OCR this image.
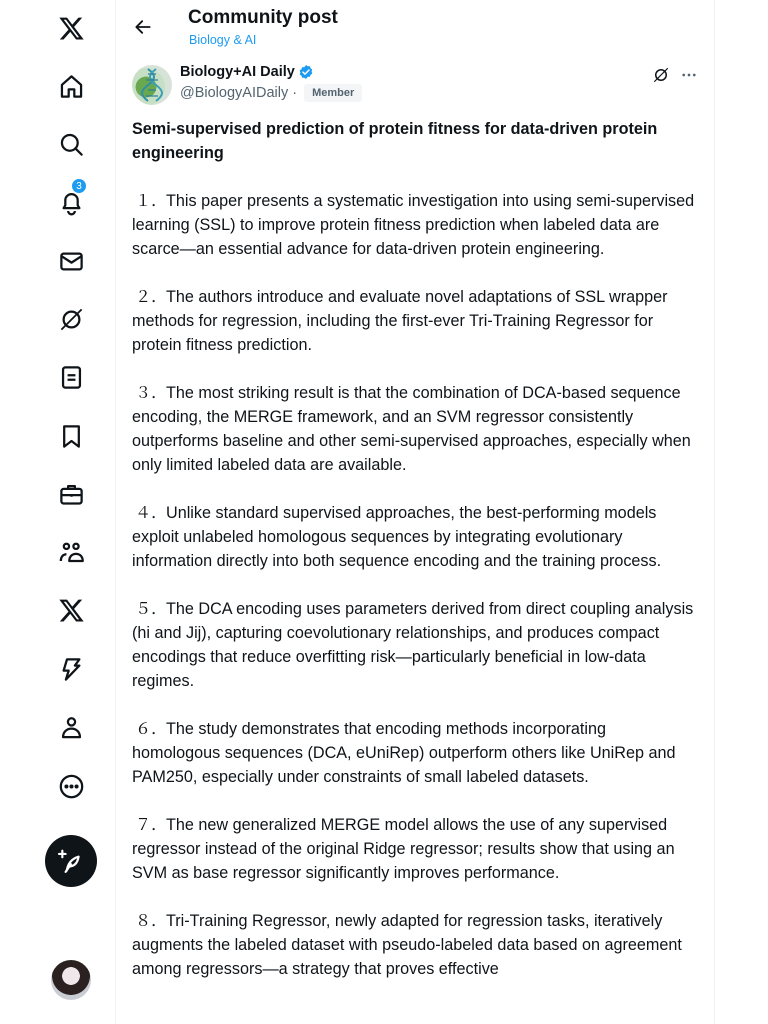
3
Community post
Biology & AI
Biology+AI Daily
@BiologyAIDaily ·	Member
Semi-supervised prediction of protein fitness for data-driven protein engineering
１．This paper presents a systematic investigation into using semi-supervised learning (SSL) to improve protein fitness prediction when labeled data are scarce—an essential advance for data-driven protein engineering.
２．The authors introduce and evaluate novel adaptations of SSL wrapper methods for regression, including the first-ever Tri-Training Regressor for protein fitness prediction.
３．The most striking result is that the combination of DCA-based sequence encoding, the MERGE framework, and an SVM regressor consistently outperforms baseline and other semi-supervised approaches, especially when only limited labeled data are available.
４．Unlike standard supervised approaches, the best-performing models exploit unlabeled homologous sequences by integrating evolutionary information directly into both sequence encoding and the training process.
５．The DCA encoding uses parameters derived from direct coupling analysis (hi and Jij), capturing coevolutionary relationships, and produces compact encodings that reduce overfitting risk—particularly beneficial in low-data regimes.
６．The study demonstrates that encoding methods incorporating homologous sequences (DCA, eUniRep) outperform others like UniRep and PAM250, especially under constraints of small labeled datasets.
７．The new generalized MERGE model allows the use of any supervised regressor instead of the original Ridge regressor; results show that using an SVM as base regressor significantly improves performance.
８．Tri-Training Regressor, newly adapted for regression tasks, iteratively augments the labeled dataset with pseudo-labeled data based on agreement among regressors—a strategy that proves effective
